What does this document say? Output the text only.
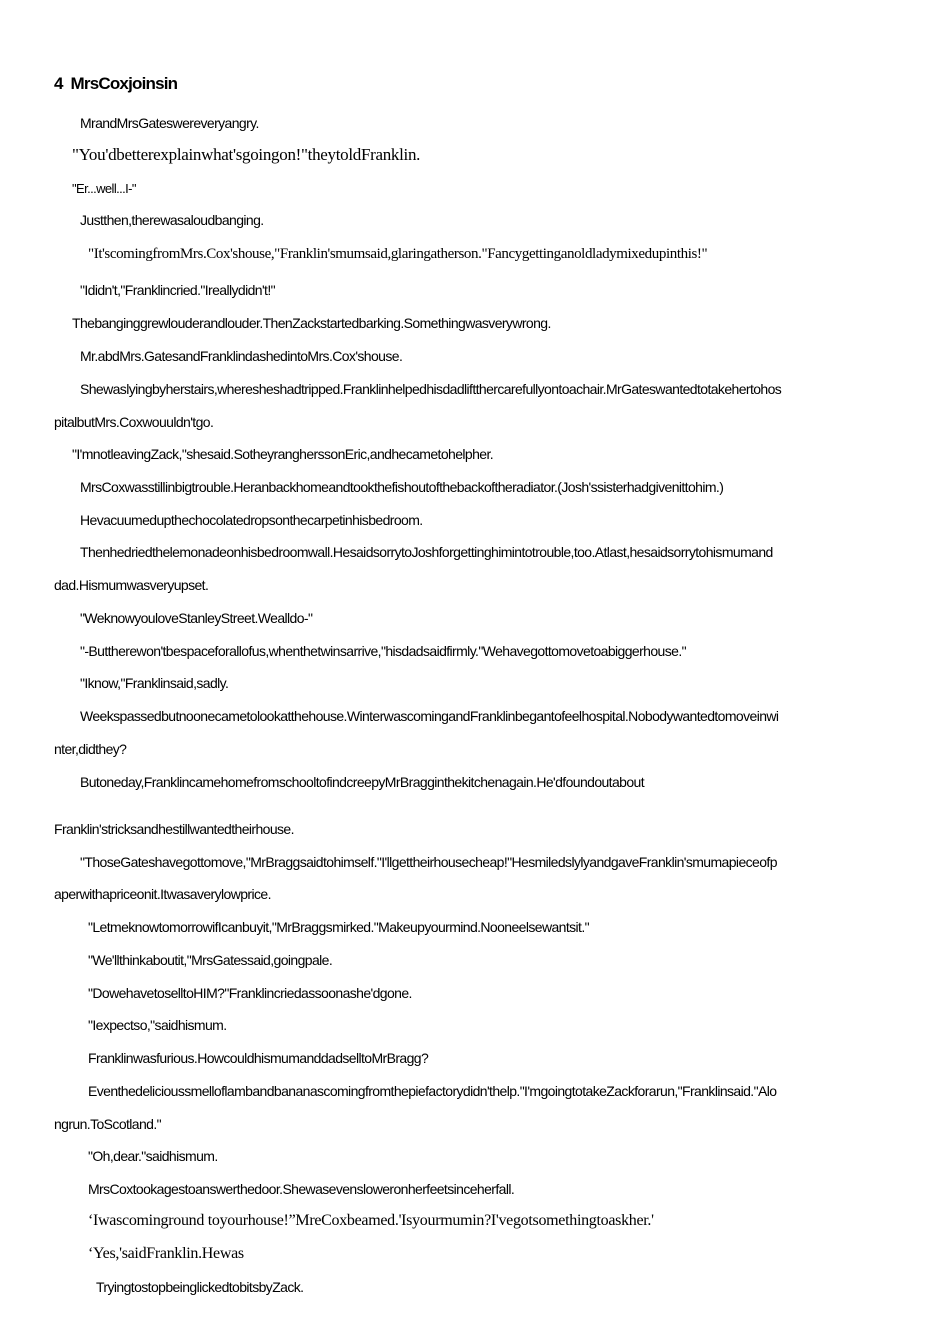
4 MrsCoxjoinsin
MrandMrsGateswereveryangry.
"You'dbetterexplainwhat'sgoingon!"theytoldFranklin.
"Er...well...I-"
Justthen,therewasaloudbanging.
"It'scomingfromMrs.Cox'shouse,"Franklin'smumsaid,glaringatherson."Fancygettinganoldladymixedupinthis!"
"Ididn't,"Franklincried."Ireallydidn't!"
Thebanginggrewlouderandlouder.ThenZackstartedbarking.Somethingwasverywrong.
Mr.abdMrs.GatesandFranklindashedintoMrs.Cox'shouse.
Shewaslyingbyherstairs,wheresheshadtripped.Franklinhelpedhisdadliftthercarefullyontoachair.MrGateswantedtotakehertohos
pitalbutMrs.Coxwouuldn'tgo.
"I'mnotleavingZack,"shesaid.SotheyrangherssonEric,andhecametohelpher.
MrsCoxwasstillinbigtrouble.Heranbackhomeandtookthefishoutofthebackoftheradiator.(Josh'ssisterhadgivenittohim.)
Hevacuumedupthechocolatedropsonthecarpetinhisbedroom.
Thenhedriedthelemonadeonhisbedroomwall.HesaidsorrytoJoshforgettinghimintotrouble,too.Atlast,hesaidsorrytohismumand
dad.Hismumwasveryupset.
"WeknowyouloveStanleyStreet.Wealldo-"
"-Buttherewon'tbespaceforallofus,whenthetwinsarrive,"hisdadsaidfirmly."Wehavegottomovetoabiggerhouse."
"Iknow,"Franklinsaid,sadly.
Weekspassedbutnoonecametolookatthehouse.WinterwascomingandFranklinbegantofeelhospital.Nobodywantedtomoveinwi
nter,didthey?
Butoneday,FranklincamehomefromschooltofindcreepyMrBragginthekitchenagain.He'dfoundoutabout
Franklin'stricksandhestillwantedtheirhouse.
"ThoseGateshavegottomove,"MrBraggsaidtohimself."I'llgettheirhousecheap!"HesmiledslylyandgaveFranklin'smumapieceofp
aperwithapriceonit.Itwasaverylowprice.
"LetmeknowtomorrowifIcanbuyit,"MrBraggsmirked."Makeupyourmind.Nooneelsewantsit."
"We'llthinkaboutit,"MrsGatessaid,goingpale.
"DowehavetoselltoHIM?"Franklincriedassoonashe'dgone.
"Iexpectso,"saidhismum.
Franklinwasfurious.HowcouldhismumanddadselltoMrBragg?
Eventhedelicioussmelloflambandbananascomingfromthepiefactorydidn'thelp."I'mgoingtotakeZackforarun,"Franklinsaid."Alo
ngrun.ToScotland."
"Oh,dear."saidhismum.
MrsCoxtookagestoanswerthedoor.Shewasevensloweronherfeetsinceherfall.
‘Iwascominground toyourhouse!”MreCoxbeamed.'Isyourmumin?I'vegotsomethingtoaskher.'
‘Yes,'saidFranklin.Hewas
TryingtostopbeinglickedtobitsbyZack.
